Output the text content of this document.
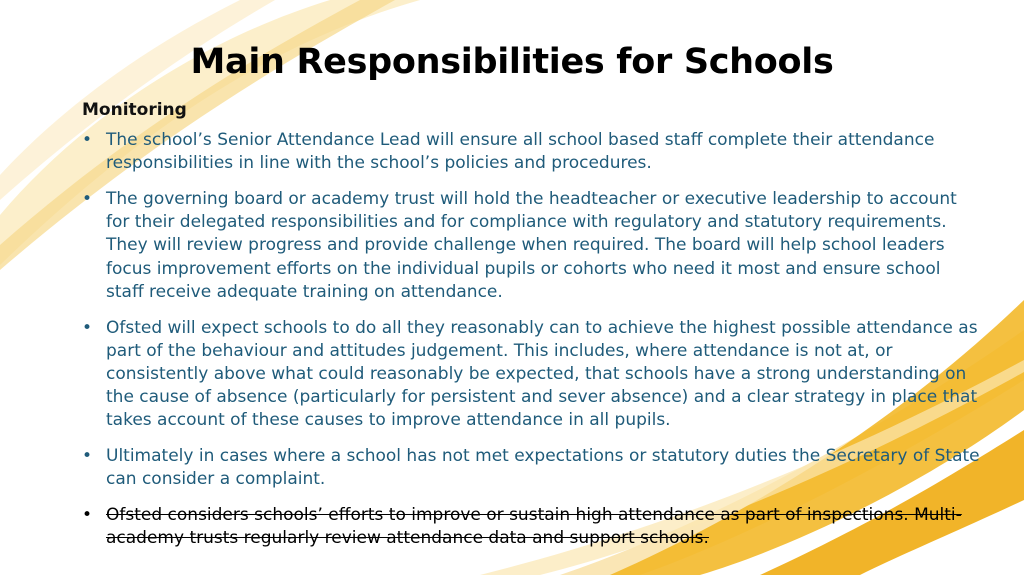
Main Responsibilities for Schools
Monitoring
• The school’s Senior Attendance Lead will ensure all school based staff complete their attendance responsibilities in line with the school’s policies and procedures.
• The governing board or academy trust will hold the headteacher or executive leadership to account for their delegated responsibilities and for compliance with regulatory and statutory requirements. They will review progress and provide challenge when required. The board will help school leaders focus improvement efforts on the individual pupils or cohorts who need it most and ensure school staff receive adequate training on attendance.
• Ofsted will expect schools to do all they reasonably can to achieve the highest possible attendance as part of the behaviour and attitudes judgement. This includes, where attendance is not at, or consistently above what could reasonably be expected, that schools have a strong understanding on the cause of absence (particularly for persistent and sever absence) and a clear strategy in place that takes account of these causes to improve attendance in all pupils.
• Ultimately in cases where a school has not met expectations or statutory duties the Secretary of State can consider a complaint.
• Ofsted considers schools’ efforts to improve or sustain high attendance as part of inspections. Multi-academy trusts regularly review attendance data and support schools.
